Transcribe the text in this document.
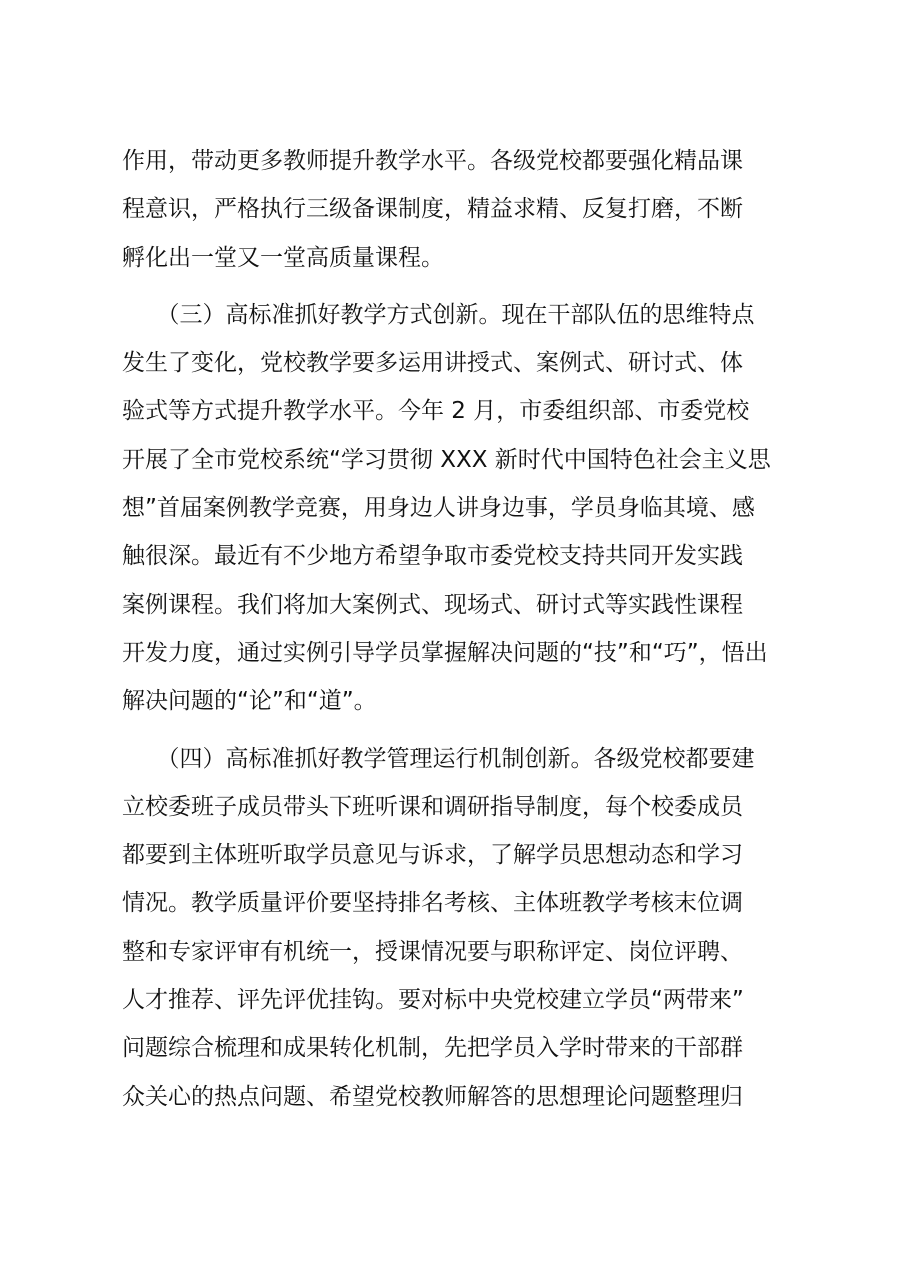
作用，带动更多教师提升教学水平。各级党校都要强化精品课
程意识，严格执行三级备课制度，精益求精、反复打磨，不断
孵化出一堂又一堂高质量课程。
　　（三）高标准抓好教学方式创新。现在干部队伍的思维特点
发生了变化，党校教学要多运用讲授式、案例式、研讨式、体
验式等方式提升教学水平。今年 2 月，市委组织部、市委党校
开展了全市党校系统“学习贯彻 XXX 新时代中国特色社会主义思
想”首届案例教学竞赛，用身边人讲身边事，学员身临其境、感
触很深。最近有不少地方希望争取市委党校支持共同开发实践
案例课程。我们将加大案例式、现场式、研讨式等实践性课程
开发力度，通过实例引导学员掌握解决问题的“技”和“巧”，悟出
解决问题的“论”和“道”。
　　（四）高标准抓好教学管理运行机制创新。各级党校都要建
立校委班子成员带头下班听课和调研指导制度，每个校委成员
都要到主体班听取学员意见与诉求，了解学员思想动态和学习
情况。教学质量评价要坚持排名考核、主体班教学考核末位调
整和专家评审有机统一，授课情况要与职称评定、岗位评聘、
人才推荐、评先评优挂钩。要对标中央党校建立学员“两带来”
问题综合梳理和成果转化机制，先把学员入学时带来的干部群
众关心的热点问题、希望党校教师解答的思想理论问题整理归
